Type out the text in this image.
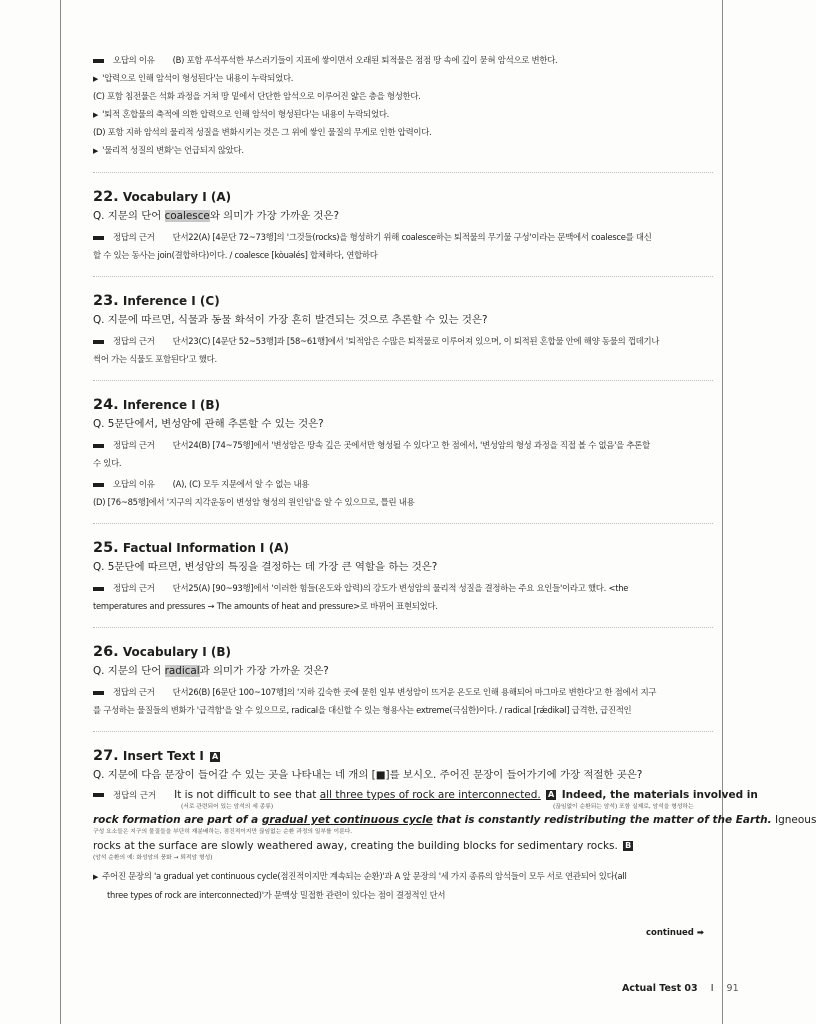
오답의 이유 (B) 포함 푸석푸석한 부스러기들이 지표에 쌓이면서 오래된 퇴적물은 점점 땅 속에 깊이 묻혀 암석으로 변한다.
▶ '압력으로 인해 암석이 형성된다'는 내용이 누락되었다.
(C) 포함 침전물은 석화 과정을 거쳐 땅 밑에서 단단한 암석으로 이루어진 얇은 층을 형성한다.
▶ '퇴적 혼합물의 축적에 의한 압력으로 인해 암석이 형성된다'는 내용이 누락되었다.
(D) 포함 지하 암석의 물리적 성질을 변화시키는 것은 그 위에 쌓인 물질의 무게로 인한 압력이다.
▶ '물리적 성질의 변화'는 언급되지 않았다.
22. Vocabulary I (A)
Q. 지문의 단어 coalesce와 의미가 가장 가까운 것은?
정답의 근거 단서22(A) [4문단 72~73행]의 '그것들(rocks)을 형성하기 위해 coalesce하는 퇴적물의 무기물 구성'이라는 문맥에서 coalesce를 대신
할 수 있는 동사는 join(결합하다)이다. / coalesce [kòuəlés] 합체하다, 연합하다
23. Inference I (C)
Q. 지문에 따르면, 식물과 동물 화석이 가장 흔히 발견되는 것으로 추론할 수 있는 것은?
정답의 근거 단서23(C) [4문단 52~53행]과 [58~61행]에서 '퇴적암은 수많은 퇴적물로 이루어져 있으며, 이 퇴적된 혼합물 안에 해양 동물의 껍데기나
썩어 가는 식물도 포함된다'고 했다.
24. Inference I (B)
Q. 5문단에서, 변성암에 관해 추론할 수 있는 것은?
정답의 근거 단서24(B) [74~75행]에서 '변성암은 땅속 깊은 곳에서만 형성될 수 있다'고 한 점에서, '변성암의 형성 과정을 직접 볼 수 없음'을 추론할
수 있다.
오답의 이유 (A), (C) 모두 지문에서 알 수 없는 내용
(D) [76~85행]에서 '지구의 지각운동이 변성암 형성의 원인임'을 알 수 있으므로, 틀린 내용
25. Factual Information I (A)
Q. 5문단에 따르면, 변성암의 특징을 결정하는 데 가장 큰 역할을 하는 것은?
정답의 근거 단서25(A) [90~93행]에서 '이러한 힘들(온도와 압력)의 강도가 변성암의 물리적 성질을 결정하는 주요 요인들'이라고 했다. <the
temperatures and pressures → The amounts of heat and pressure>로 바뀌어 표현되었다.
26. Vocabulary I (B)
Q. 지문의 단어 radical과 의미가 가장 가까운 것은?
정답의 근거 단서26(B) [6문단 100~107행]의 '지하 깊숙한 곳에 묻힌 일부 변성암이 뜨거운 온도로 인해 용해되어 마그마로 변한다'고 한 점에서 지구
를 구성하는 물질들의 변화가 '급격함'을 알 수 있으므로, radical을 대신할 수 있는 형용사는 extreme(극심한)이다. / radical [rǽdikəl] 급격한, 급진적인
27. Insert Text I A
Q. 지문에 다음 문장이 들어갈 수 있는 곳을 나타내는 네 개의 [■]를 보시오. 주어진 문장이 들어가기에 가장 적절한 곳은?
정답의 근거 It is not difficult to see that all three types of rock are interconnected. A Indeed, the materials involved in
(서로 관련되어 있는 암석의 세 종류)	(끊임없이 순환되는 암석) 포함 실제로, 암석을 형성하는
rock formation are part of a gradual yet continuous cycle that is constantly redistributing the matter of the Earth. Igneous
구성 요소들은 지구의 물질들을 부단히 재분배하는, 점진적이지만 끊임없는 순환 과정의 일부를 이룬다.
rocks at the surface are slowly weathered away, creating the building blocks for sedimentary rocks. B
(암석 순환의 예: 화성암의 풍화 → 퇴적암 형성)
▶ 주어진 문장의 'a gradual yet continuous cycle(점진적이지만 계속되는 순환)'과 A 앞 문장의 '세 가지 종류의 암석들이 모두 서로 연관되어 있다(all
three types of rock are interconnected)'가 문맥상 밀접한 관련이 있다는 점이 결정적인 단서
continued ➡
Actual Test 03 I 91
